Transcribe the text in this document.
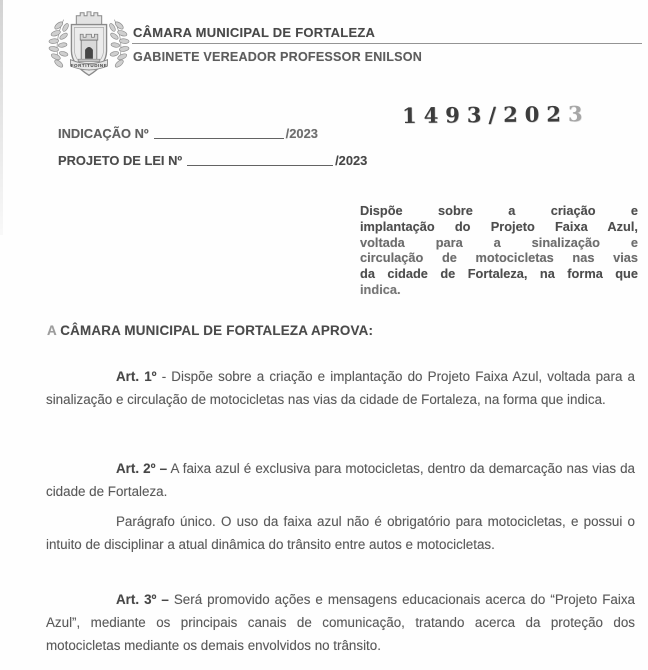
FORTITUDINE
CÂMARA MUNICIPAL DE FORTALEZA
GABINETE VEREADOR PROFESSOR ENILSON
1493/2023
INDICAÇÃO Nº	/2023
PROJETO DE LEI Nº	/2023
Dispõe sobre a criação e
implantação do Projeto Faixa Azul,
voltada para a sinalização e
circulação de motocicletas nas vias
da cidade de Fortaleza, na forma que
indica.
A CÂMARA MUNICIPAL DE FORTALEZA APROVA:

Art. 1º - Dispõe sobre a criação e implantação do Projeto Faixa Azul, voltada para a sinalização e circulação de motocicletas nas vias da cidade de Fortaleza, na forma que indica.

Art. 2º – A faixa azul é exclusiva para motocicletas, dentro da demarcação nas vias da cidade de Fortaleza.

Parágrafo único. O uso da faixa azul não é obrigatório para motocicletas, e possui o intuito de disciplinar a atual dinâmica do trânsito entre autos e motocicletas.

Art. 3º – Será promovido ações e mensagens educacionais acerca do “Projeto Faixa Azul”, mediante os principais canais de comunicação, tratando acerca da proteção dos motocicletas mediante os demais envolvidos no trânsito.
